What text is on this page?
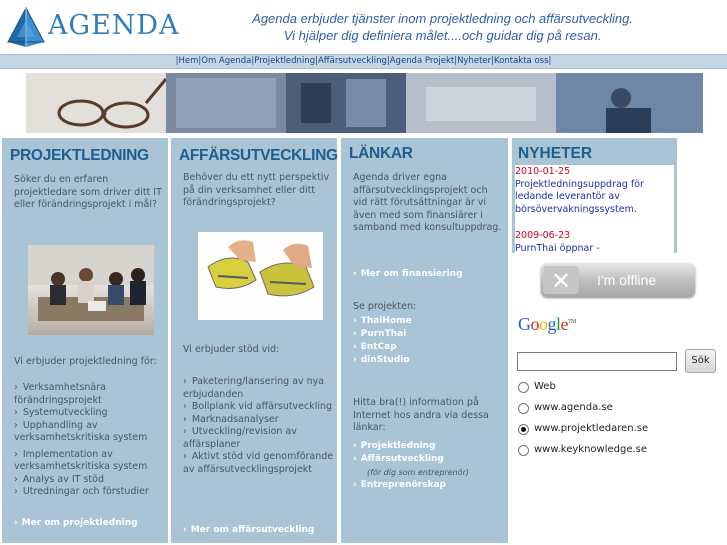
AGENDA	Agenda erbjuder tjänster inom projektledning och affärsutveckling.
Vi hjälper dig definiera målet....och guidar dig på resan.
|Hem|Om Agenda|Projektledning|Affärsutveckling|Agenda Projekt|Nyheter|Kontakta oss|
PROJEKTLEDNING
Söker du en erfaren projektledare som driver ditt IT eller förändringsprojekt i mål?
Vi erbjuder projektledning för:
› Verksamhetsnära förändringsprojekt
› Systemutveckling
› Upphandling av verksamhetskritiska system
› Implementation av verksamhetskritiska system
› Analys av IT stöd
› Utredningar och förstudier
› Mer om projektledning
AFFÄRSUTVECKLING
Behöver du ett nytt perspektiv på din verksamhet eller ditt förändringsprojekt?
Vi erbjuder stöd vid:
› Paketering/lansering av nya erbjudanden
› Bollplank vid affärsutveckling
› Marknadsanalyser
› Utveckling/revision av affärsplaner
› Aktivt stöd vid genomförande av affärsutvecklingsprojekt
› Mer om affärsutveckling
LÄNKAR
Agenda driver egna affärsutvecklingsprojekt och vid rätt förutsättningar är vi även med som finansiärer i samband med konsultuppdrag.
› Mer om finansiering
Se projekten:
› ThaiHome
› PurnThai
› EntCap
› dinStudio
Hitta bra(!) information på Internet hos andra via dessa länkar:
› Projektledning
› Affärsutveckling
(för dig som entreprenör)
› Entreprenörskap
NYHETER
2010-01-25
Projektledningsuppdrag för ledande leverantör av börsövervakningssystem.
2009-06-23
PurnThai öppnar -
✕ I'm offline
Google™
Sök
Web
www.agenda.se
www.projektledaren.se
www.keyknowledge.se
